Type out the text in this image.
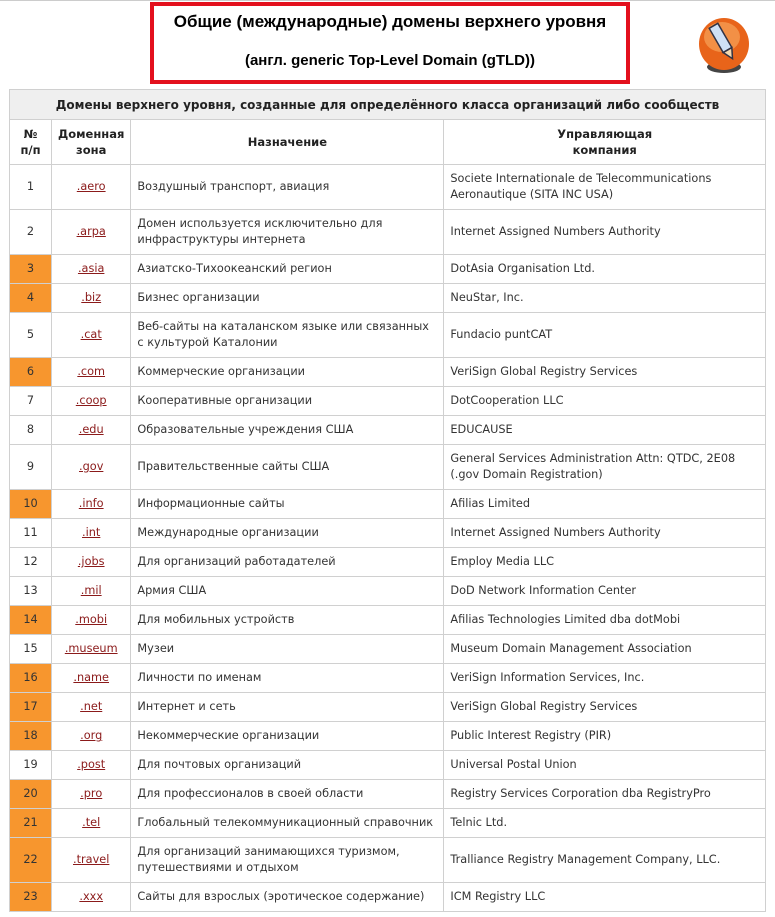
Общие (международные) домены верхнего уровня
(англ. generic Top-Level Domain (gTLD))
Домены верхнего уровня, созданные для определённого класса организаций либо сообществ			
№ п/п	Доменная зона	Назначение	Управляющая компания
1	.aero	Воздушный транспорт, авиация	Societe Internationale de Telecommunications Aeronautique (SITA INC USA)
2	.arpa	Домен используется исключительно для инфраструктуры интернета	Internet Assigned Numbers Authority
3	.asia	Азиатско-Тихоокеанский регион	DotAsia Organisation Ltd.
4	.biz	Бизнес организации	NeuStar, Inc.
5	.cat	Веб-сайты на каталанском языке или связанных с культурой Каталонии	Fundacio puntCAT
6	.com	Коммерческие организации	VeriSign Global Registry Services
7	.coop	Кооперативные организации	DotCooperation LLC
8	.edu	Образовательные учреждения США	EDUCAUSE
9	.gov	Правительственные сайты США	General Services Administration Attn: QTDC, 2E08 (.gov Domain Registration)
10	.info	Информационные сайты	Afilias Limited
11	.int	Международные организации	Internet Assigned Numbers Authority
12	.jobs	Для организаций работадателей	Employ Media LLC
13	.mil	Армия США	DoD Network Information Center
14	.mobi	Для мобильных устройств	Afilias Technologies Limited dba dotMobi
15	.museum	Музеи	Museum Domain Management Association
16	.name	Личности по именам	VeriSign Information Services, Inc.
17	.net	Интернет и сеть	VeriSign Global Registry Services
18	.org	Некоммерческие организации	Public Interest Registry (PIR)
19	.post	Для почтовых организаций	Universal Postal Union
20	.pro	Для профессионалов в своей области	Registry Services Corporation dba RegistryPro
21	.tel	Глобальный телекоммуникационный справочник	Telnic Ltd.
22	.travel	Для организаций занимающихся туризмом, путешествиями и отдыхом	Tralliance Registry Management Company, LLC.
23	.xxx	Сайты для взрослых (эротическое содержание)	ICM Registry LLC
